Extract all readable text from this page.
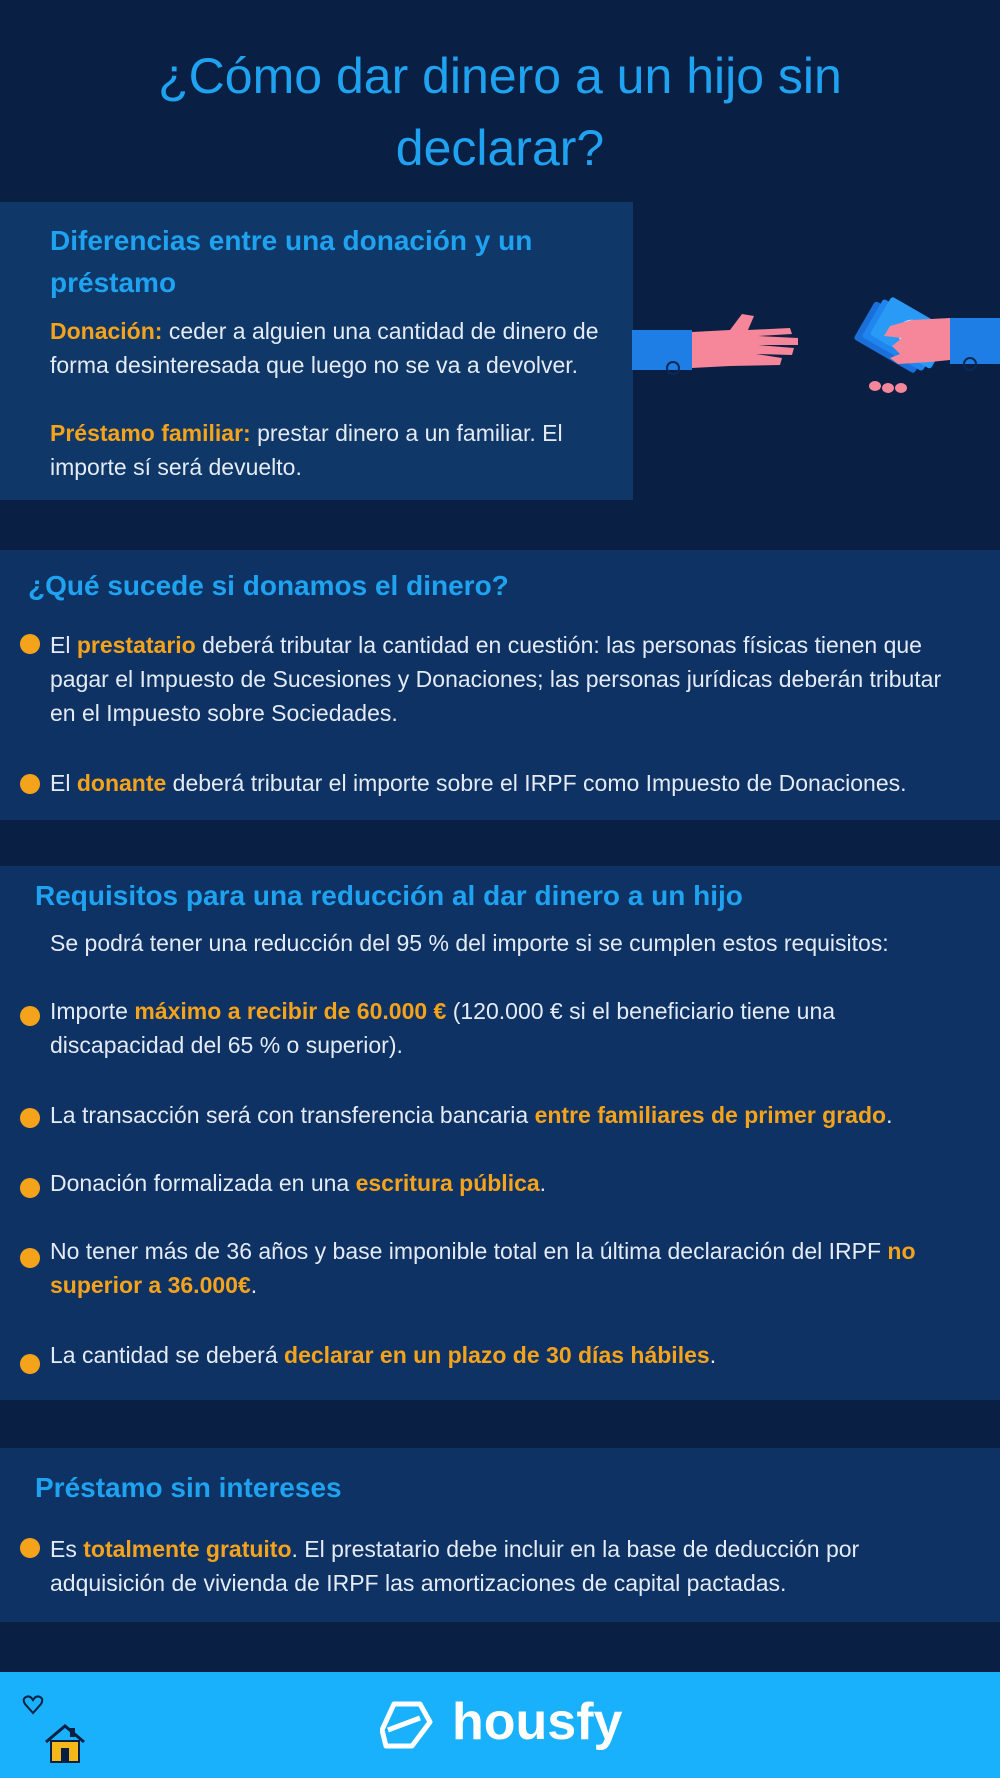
¿Cómo dar dinero a un hijo sin
declarar?
Diferencias entre una donación y un
préstamo
Donación: ceder a alguien una cantidad de dinero de forma desinteresada que luego no se va a devolver.
Préstamo familiar: prestar dinero a un familiar. El importe sí será devuelto.
¿Qué sucede si donamos el dinero?
El prestatario deberá tributar la cantidad en cuestión: las personas físicas tienen que pagar el Impuesto de Sucesiones y Donaciones; las personas jurídicas deberán tributar en el Impuesto sobre Sociedades.
El donante deberá tributar el importe sobre el IRPF como Impuesto de Donaciones.
Requisitos para una reducción al dar dinero a un hijo
Se podrá tener una reducción del 95 % del importe si se cumplen estos requisitos:
Importe máximo a recibir de 60.000 € (120.000 € si el beneficiario tiene una discapacidad del 65 % o superior).
La transacción será con transferencia bancaria entre familiares de primer grado.
Donación formalizada en una escritura pública.
No tener más de 36 años y base imponible total en la última declaración del IRPF no superior a 36.000€.
La cantidad se deberá declarar en un plazo de 30 días hábiles.
Préstamo sin intereses
Es totalmente gratuito. El prestatario debe incluir en la base de deducción por adquisición de vivienda de IRPF las amortizaciones de capital pactadas.
housfy
